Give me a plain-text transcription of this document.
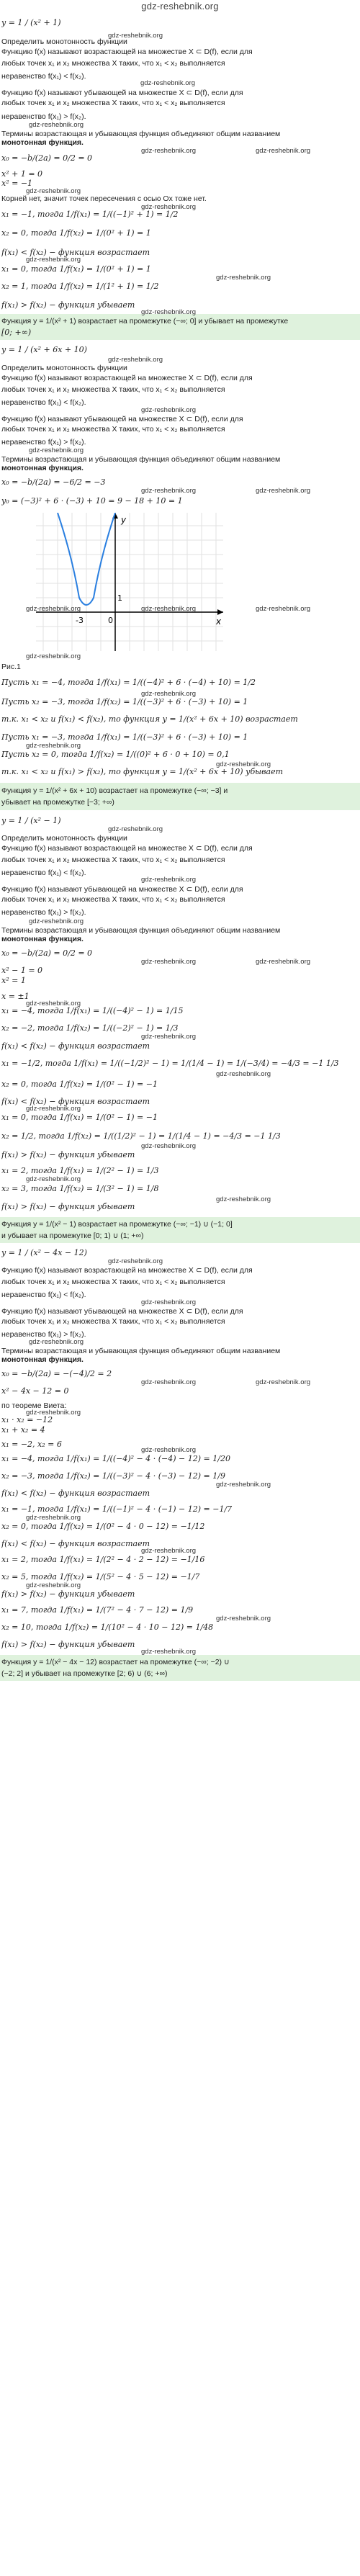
gdz-reshebnik.org
y = 1 / (x² + 1)
Определить монотонность функции
Функцию f(x) называют возрастающей на множестве X ⊂ D(f), если для
любых точек x₁ и x₂ множества X таких, что x₁ < x₂ выполняется
неравенство f(x₁) < f(x₂).
Функцию f(x) называют убывающей на множестве X ⊂ D(f), если для
любых точек x₁ и x₂ множества X таких, что x₁ < x₂ выполняется
неравенство f(x₁) > f(x₂).
Термины возрастающая и убывающая функция объединяют общим названием
монотонная функция.
x₀ = −b/(2a) = 0/2 = 0
x² + 1 = 0
x² = −1
Корней нет, значит точек пересечения с осью Ox тоже нет.
x₁ = −1, тогда 1/f(x₁) = 1/((−1)² + 1) = 1/2
x₂ = 0, тогда 1/f(x₂) = 1/(0² + 1) = 1
f(x₁) < f(x₂) − функция возрастает
x₁ = 0, тогда 1/f(x₁) = 1/(0² + 1) = 1
x₂ = 1, тогда 1/f(x₂) = 1/(1² + 1) = 1/2
f(x₁) > f(x₂) − функция убывает
Функция y = 1/(x² + 1) возрастает на промежутке (−∞; 0] и убывает на промежутке
[0; +∞)
y = 1 / (x² + 6x + 10)
Определить монотонность функции
Функцию f(x) называют возрастающей на множестве X ⊂ D(f), если для
любых точек x₁ и x₂ множества X таких, что x₁ < x₂ выполняется
неравенство f(x₁) < f(x₂).
Функцию f(x) называют убывающей на множестве X ⊂ D(f), если для
любых точек x₁ и x₂ множества X таких, что x₁ < x₂ выполняется
неравенство f(x₁) > f(x₂).
Термины возрастающая и убывающая функция объединяют общим названием
монотонная функция.
x₀ = −b/(2a) = −6/2 = −3
y₀ = (−3)² + 6 · (−3) + 10 = 9 − 18 + 10 = 1
y
x
-3	0
1
Рис.1
Пусть x₁ = −4, тогда 1/f(x₁) = 1/((−4)² + 6 · (−4) + 10) = 1/2
Пусть x₂ = −3, тогда 1/f(x₂) = 1/((−3)² + 6 · (−3) + 10) = 1
т.к. x₁ < x₂ и f(x₁) < f(x₂), то функция y = 1/(x² + 6x + 10) возрастает
Пусть x₁ = −3, тогда 1/f(x₁) = 1/((−3)² + 6 · (−3) + 10) = 1
Пусть x₂ = 0, тогда 1/f(x₂) = 1/((0)² + 6 · 0 + 10) = 0,1
т.к. x₁ < x₂ и f(x₁) > f(x₂), то функция y = 1/(x² + 6x + 10) убывает
Функция y = 1/(x² + 6x + 10) возрастает на промежутке (−∞; −3] и
убывает на промежутке [−3; +∞)
y = 1 / (x² − 1)
Определить монотонность функции
Функцию f(x) называют возрастающей на множестве X ⊂ D(f), если для
любых точек x₁ и x₂ множества X таких, что x₁ < x₂ выполняется
неравенство f(x₁) < f(x₂).
Функцию f(x) называют убывающей на множестве X ⊂ D(f), если для
любых точек x₁ и x₂ множества X таких, что x₁ < x₂ выполняется
неравенство f(x₁) > f(x₂).
Термины возрастающая и убывающая функция объединяют общим названием
монотонная функция.
x₀ = −b/(2a) = 0/2 = 0
x² − 1 = 0
x² = 1
x = ±1
x₁ = −4, тогда 1/f(x₁) = 1/((−4)² − 1) = 1/15
x₂ = −2, тогда 1/f(x₂) = 1/((−2)² − 1) = 1/3
f(x₁) < f(x₂) − функция возрастает
x₁ = −1/2, тогда 1/f(x₁) = 1/((−1/2)² − 1) = 1/(1/4 − 1) = 1/(−3/4) = −4/3 = −1 1/3
x₂ = 0, тогда 1/f(x₂) = 1/(0² − 1) = −1
f(x₁) < f(x₂) − функция возрастает
x₁ = 0, тогда 1/f(x₁) = 1/(0² − 1) = −1
x₂ = 1/2, тогда 1/f(x₂) = 1/((1/2)² − 1) = 1/(1/4 − 1) = −4/3 = −1 1/3
f(x₁) > f(x₂) − функция убывает
x₁ = 2, тогда 1/f(x₁) = 1/(2² − 1) = 1/3
x₂ = 3, тогда 1/f(x₂) = 1/(3² − 1) = 1/8
f(x₁) > f(x₂) − функция убывает
Функция y = 1/(x² − 1) возрастает на промежутке (−∞; −1) ∪ (−1; 0]
и убывает на промежутке [0; 1) ∪ (1; +∞)
y = 1 / (x² − 4x − 12)
Функцию f(x) называют возрастающей на множестве X ⊂ D(f), если для
любых точек x₁ и x₂ множества X таких, что x₁ < x₂ выполняется
неравенство f(x₁) < f(x₂).
Функцию f(x) называют убывающей на множестве X ⊂ D(f), если для
любых точек x₁ и x₂ множества X таких, что x₁ < x₂ выполняется
неравенство f(x₁) > f(x₂).
Термины возрастающая и убывающая функция объединяют общим названием
монотонная функция.
x₀ = −b/(2a) = −(−4)/2 = 2
x² − 4x − 12 = 0
по теореме Виета:
x₁ · x₂ = −12
x₁ + x₂ = 4
x₁ = −2, x₂ = 6
x₁ = −4, тогда 1/f(x₁) = 1/((−4)² − 4 · (−4) − 12) = 1/20
x₂ = −3, тогда 1/f(x₂) = 1/((−3)² − 4 · (−3) − 12) = 1/9
f(x₁) < f(x₂) − функция возрастает
x₁ = −1, тогда 1/f(x₁) = 1/((−1)² − 4 · (−1) − 12) = −1/7
x₂ = 0, тогда 1/f(x₂) = 1/(0² − 4 · 0 − 12) = −1/12
f(x₁) < f(x₂) − функция возрастает
x₁ = 2, тогда 1/f(x₁) = 1/(2² − 4 · 2 − 12) = −1/16
x₂ = 5, тогда 1/f(x₂) = 1/(5² − 4 · 5 − 12) = −1/7
f(x₁) > f(x₂) − функция убывает
x₁ = 7, тогда 1/f(x₁) = 1/(7² − 4 · 7 − 12) = 1/9
x₂ = 10, тогда 1/f(x₂) = 1/(10² − 4 · 10 − 12) = 1/48
f(x₁) > f(x₂) − функция убывает
Функция y = 1/(x² − 4x − 12) возрастает на промежутке (−∞; −2) ∪
(−2; 2] и убывает на промежутке [2; 6) ∪ (6; +∞)
gdz-reshebnik.org
gdz-reshebnik.org
gdz-reshebnik.org
gdz-reshebnik.org	gdz-reshebnik.org
gdz-reshebnik.org
gdz-reshebnik.org
gdz-reshebnik.org
gdz-reshebnik.org
gdz-reshebnik.org
gdz-reshebnik.org
gdz-reshebnik.org
gdz-reshebnik.org
gdz-reshebnik.org	gdz-reshebnik.org
gdz-reshebnik.org	gdz-reshebnik.org	gdz-reshebnik.org
gdz-reshebnik.org
gdz-reshebnik.org
gdz-reshebnik.org
gdz-reshebnik.org
gdz-reshebnik.org
gdz-reshebnik.org
gdz-reshebnik.org
gdz-reshebnik.org	gdz-reshebnik.org
gdz-reshebnik.org
gdz-reshebnik.org
gdz-reshebnik.org
gdz-reshebnik.org
gdz-reshebnik.org
gdz-reshebnik.org
gdz-reshebnik.org
gdz-reshebnik.org
gdz-reshebnik.org
gdz-reshebnik.org
gdz-reshebnik.org	gdz-reshebnik.org
gdz-reshebnik.org
gdz-reshebnik.org
gdz-reshebnik.org
gdz-reshebnik.org
gdz-reshebnik.org
gdz-reshebnik.org
gdz-reshebnik.org
gdz-reshebnik.org
